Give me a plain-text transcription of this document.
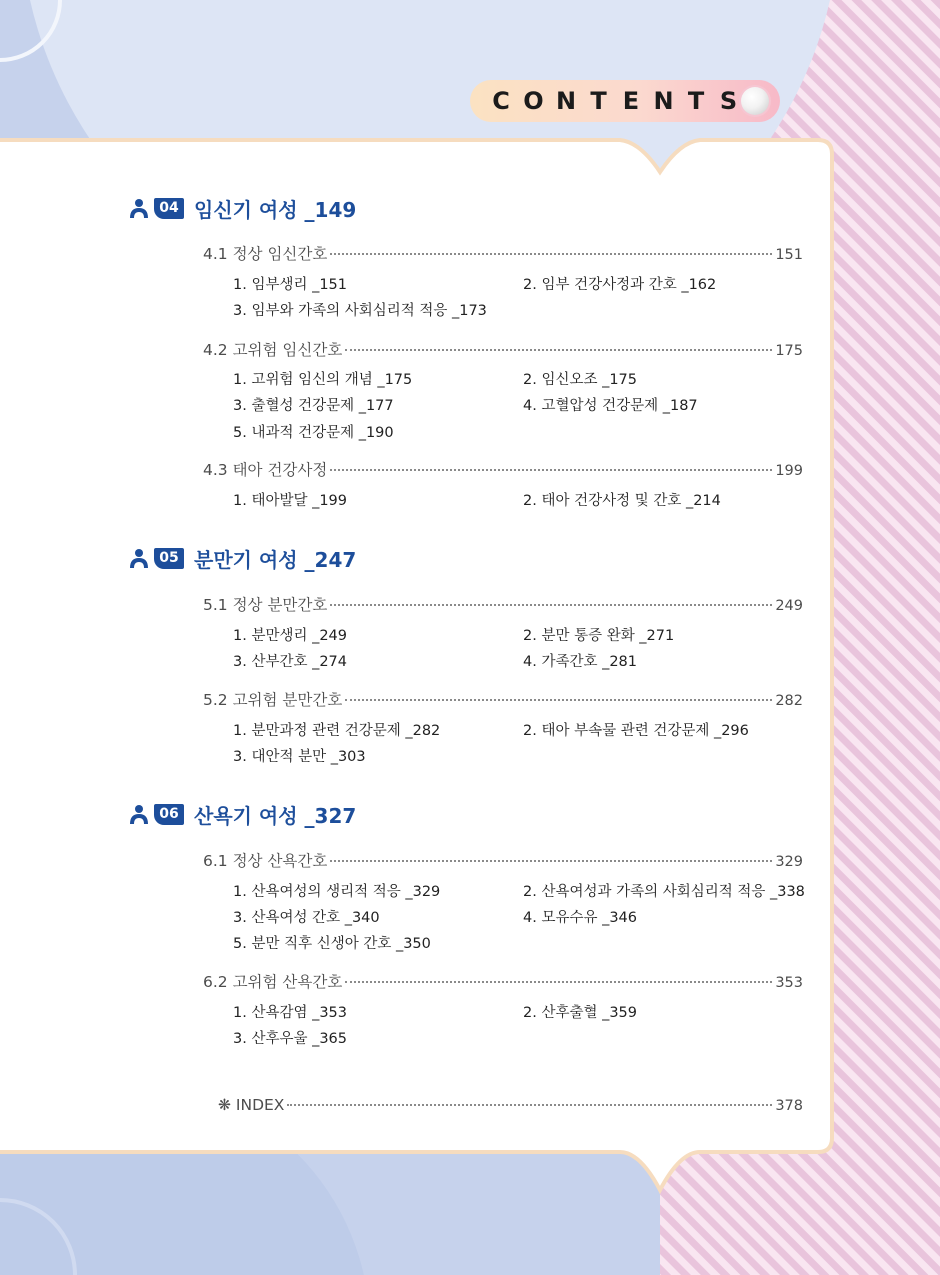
C O N T E N T S
04 임신기 여성 _149
4.1 정상 임신간호	151
1. 임부생리 _151	2. 임부 건강사정과 간호 _162
3. 임부와 가족의 사회심리적 적응 _173
4.2 고위험 임신간호	175
1. 고위험 임신의 개념 _175	2. 임신오조 _175
3. 출혈성 건강문제 _177	4. 고혈압성 건강문제 _187
5. 내과적 건강문제 _190
4.3 태아 건강사정	199
1. 태아발달 _199	2. 태아 건강사정 및 간호 _214
05 분만기 여성 _247
5.1 정상 분만간호	249
1. 분만생리 _249	2. 분만 통증 완화 _271
3. 산부간호 _274	4. 가족간호 _281
5.2 고위험 분만간호	282
1. 분만과정 관련 건강문제 _282	2. 태아 부속물 관련 건강문제 _296
3. 대안적 분만 _303
06 산욕기 여성 _327
6.1 정상 산욕간호	329
1. 산욕여성의 생리적 적응 _329	2. 산욕여성과 가족의 사회심리적 적응 _338
3. 산욕여성 간호 _340	4. 모유수유 _346
5. 분만 직후 신생아 간호 _350
6.2 고위험 산욕간호	353
1. 산욕감염 _353	2. 산후출혈 _359
3. 산후우울 _365
❋ INDEX	378
